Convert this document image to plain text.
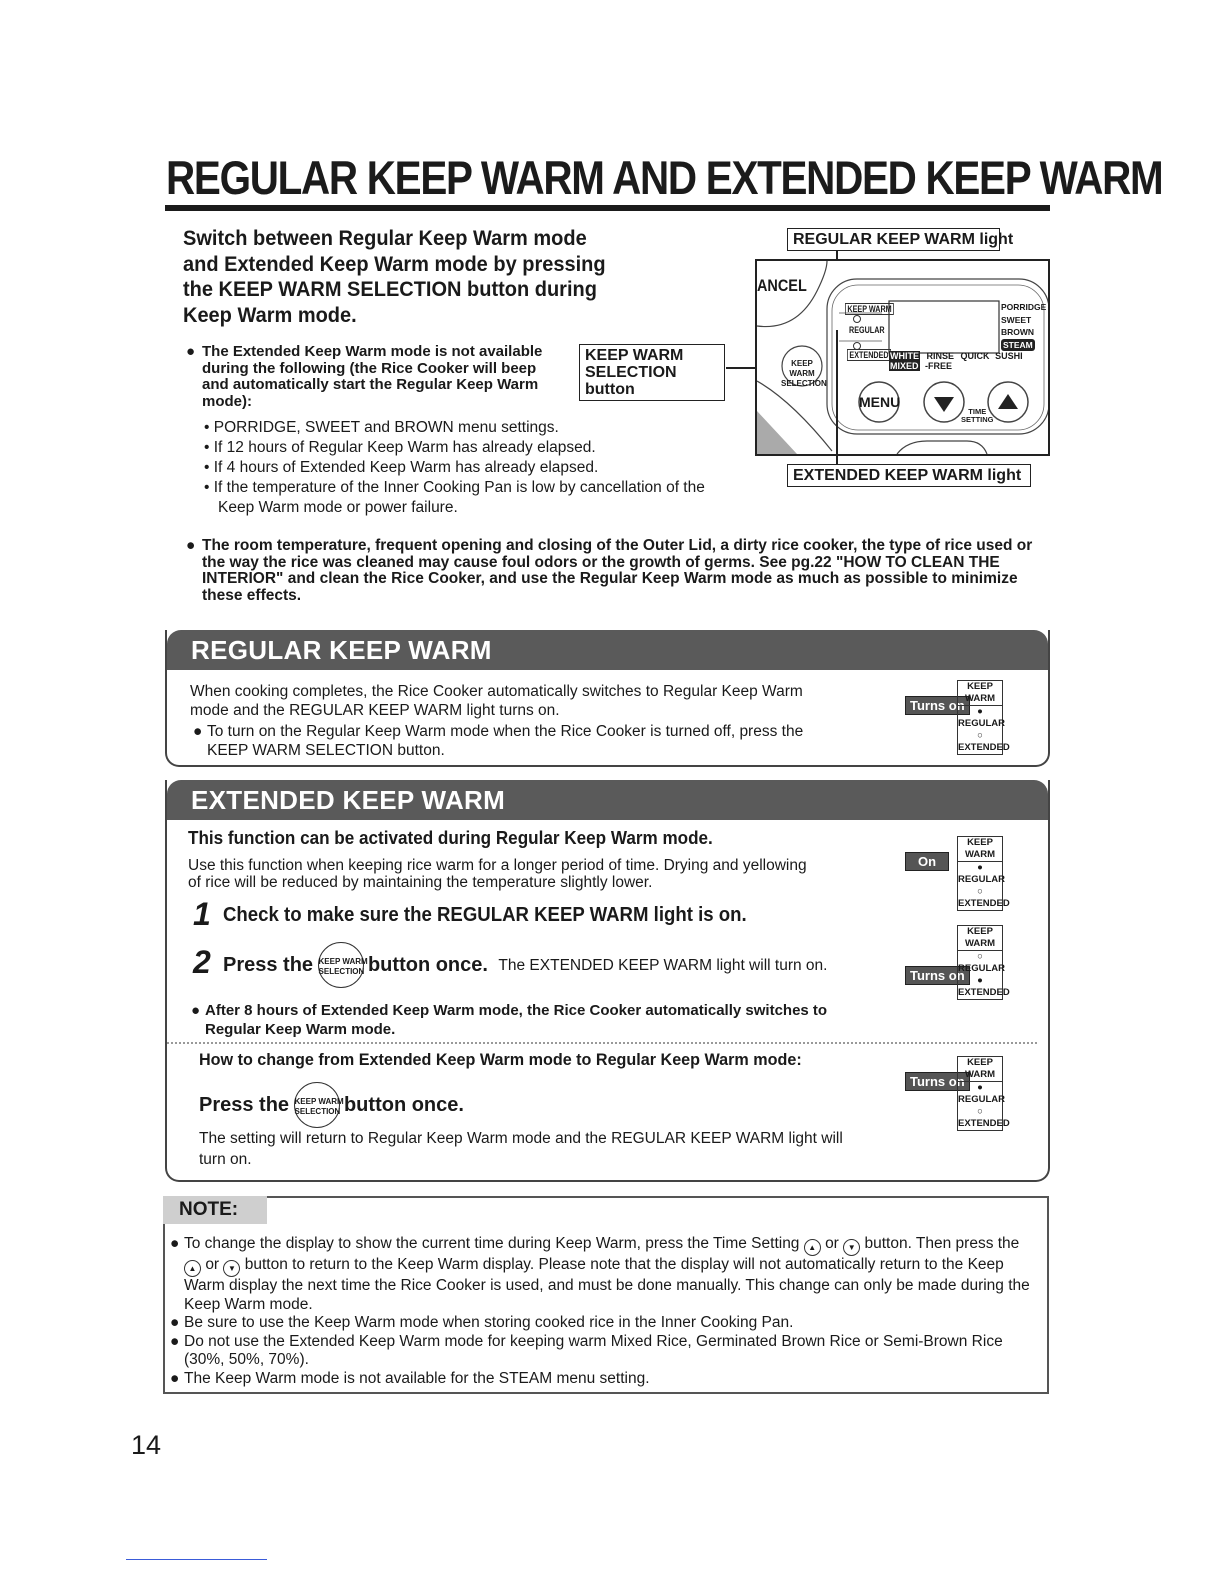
REGULAR KEEP WARM AND EXTENDED KEEP WARM
Switch between Regular Keep Warm mode and Extended Keep Warm mode by pressing the KEEP WARM SELECTION button during Keep Warm mode.
● The Extended Keep Warm mode is not available during the following (the Rice Cooker will beep and automatically start the Regular Keep Warm mode):
• PORRIDGE, SWEET and BROWN menu settings.
• If 12 hours of Regular Keep Warm has already elapsed.
• If 4 hours of Extended Keep Warm has already elapsed.
• If the temperature of the Inner Cooking Pan is low by cancellation of the Keep Warm mode or power failure.
KEEP WARM
SELECTION button
REGULAR KEEP WARM light
ANCEL
KEEP WARM
REGULAR
EXTENDED
PORRIDGE
SWEET
BROWN
STEAM
WHITE RINSE QUICK SUSHI
MIXED -FREE
KEEP WARM
SELECTION
MENU
TIME
SETTING
EXTENDED KEEP WARM light
● The room temperature, frequent opening and closing of the Outer Lid, a dirty rice cooker, the type of rice used or the way the rice was cleaned may cause foul odors or the growth of germs. See pg.22 "HOW TO CLEAN THE INTERIOR" and clean the Rice Cooker, and use the Regular Keep Warm mode as much as possible to minimize these effects.
REGULAR KEEP WARM
When cooking completes, the Rice Cooker automatically switches to Regular Keep Warm mode and the REGULAR KEEP WARM light turns on.
● To turn on the Regular Keep Warm mode when the Rice Cooker is turned off, press the KEEP WARM SELECTION button.
Turns on
KEEP WARM
●
REGULAR
○
EXTENDED
EXTENDED KEEP WARM
This function can be activated during Regular Keep Warm mode.
Use this function when keeping rice warm for a longer period of time. Drying and yellowing of rice will be reduced by maintaining the temperature slightly lower.
1 Check to make sure the REGULAR KEEP WARM light is on.
2 Press the KEEP WARM
SELECTION button once. The EXTENDED KEEP WARM light will turn on.
● After 8 hours of Extended Keep Warm mode, the Rice Cooker automatically switches to Regular Keep Warm mode.
How to change from Extended Keep Warm mode to Regular Keep Warm mode:
Press the KEEP WARM
SELECTION button once.
The setting will return to Regular Keep Warm mode and the REGULAR KEEP WARM light will turn on.
On
KEEP WARM
●
REGULAR
○
EXTENDED
Turns on
KEEP WARM
○
REGULAR
●
EXTENDED
Turns on
KEEP WARM
●
REGULAR
○
EXTENDED
NOTE:
● To change the display to show the current time during Keep Warm, press the Time Setting ▲ or ▼ button. Then press the ▲ or ▼ button to return to the Keep Warm display. Please note that the display will not automatically return to the Keep Warm display the next time the Rice Cooker is used, and must be done manually. This change can only be made during the Keep Warm mode.
● Be sure to use the Keep Warm mode when storing cooked rice in the Inner Cooking Pan.
● Do not use the Extended Keep Warm mode for keeping warm Mixed Rice, Germinated Brown Rice or Semi-Brown Rice (30%, 50%, 70%).
● The Keep Warm mode is not available for the STEAM menu setting.
14
